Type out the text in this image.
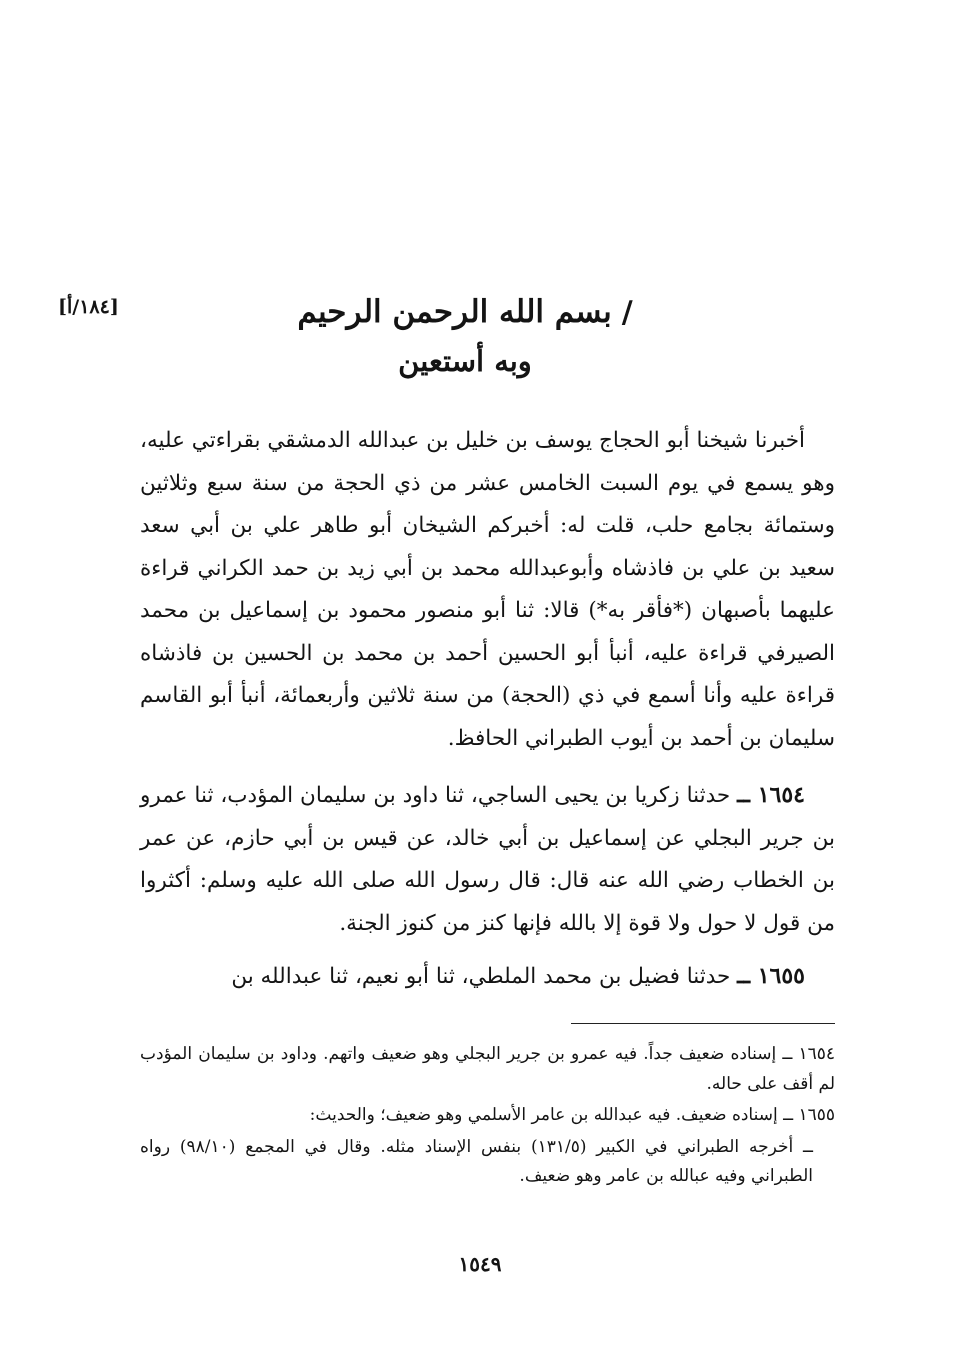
[١٨٤/أ]	/
بسم الله الرحمن الرحيم
وبه أستعين

أخبرنا شيخنا أبو الحجاج يوسف بن خليل بن عبدالله الدمشقي بقراءتي عليه، وهو يسمع في يوم السبت الخامس عشر من ذي الحجة من سنة سبع وثلاثين وستمائة بجامع حلب، قلت له: أخبركم الشيخان أبو طاهر علي بن أبي سعد سعيد بن علي بن فاذشاه وأبوعبدالله محمد بن أبي زيد بن حمد الكراني قراءة عليهما بأصبهان (*فأقر به*) قالا: ثنا أبو منصور محمود بن إسماعيل بن محمد الصيرفي قراءة عليه، أنبأ أبو الحسين أحمد بن محمد بن الحسين بن فاذشاه قراءة عليه وأنا أسمع في ذي (الحجة) من سنة ثلاثين وأربعمائة، أنبأ أبو القاسم سليمان بن أحمد بن أيوب الطبراني الحافظ.

١٦٥٤ ــ حدثنا زكريا بن يحيى الساجي، ثنا داود بن سليمان المؤدب، ثنا عمرو بن جرير البجلي عن إسماعيل بن أبي خالد، عن قيس بن أبي حازم، عن عمر بن الخطاب رضي الله عنه قال: قال رسول الله صلى الله عليه وسلم: أكثروا من قول لا حول ولا قوة إلا بالله فإنها كنز من كنوز الجنة.

١٦٥٥ ــ حدثنا فضيل بن محمد الملطي، ثنا أبو نعيم، ثنا عبدالله بن

١٦٥٤ ــ إسناده ضعيف جداً. فيه عمرو بن جرير البجلي وهو ضعيف واتهم. وداود بن سليمان المؤدب لم أقف على حاله.

١٦٥٥ ــ إسناده ضعيف. فيه عبدالله بن عامر الأسلمي وهو ضعيف؛ والحديث:

ــ أخرجه الطبراني في الكبير (١٣١/٥) بنفس الإسناد مثله. وقال في المجمع (٩٨/١٠) رواه الطبراني وفيه عبالله بن عامر وهو ضعيف.

١٥٤٩
